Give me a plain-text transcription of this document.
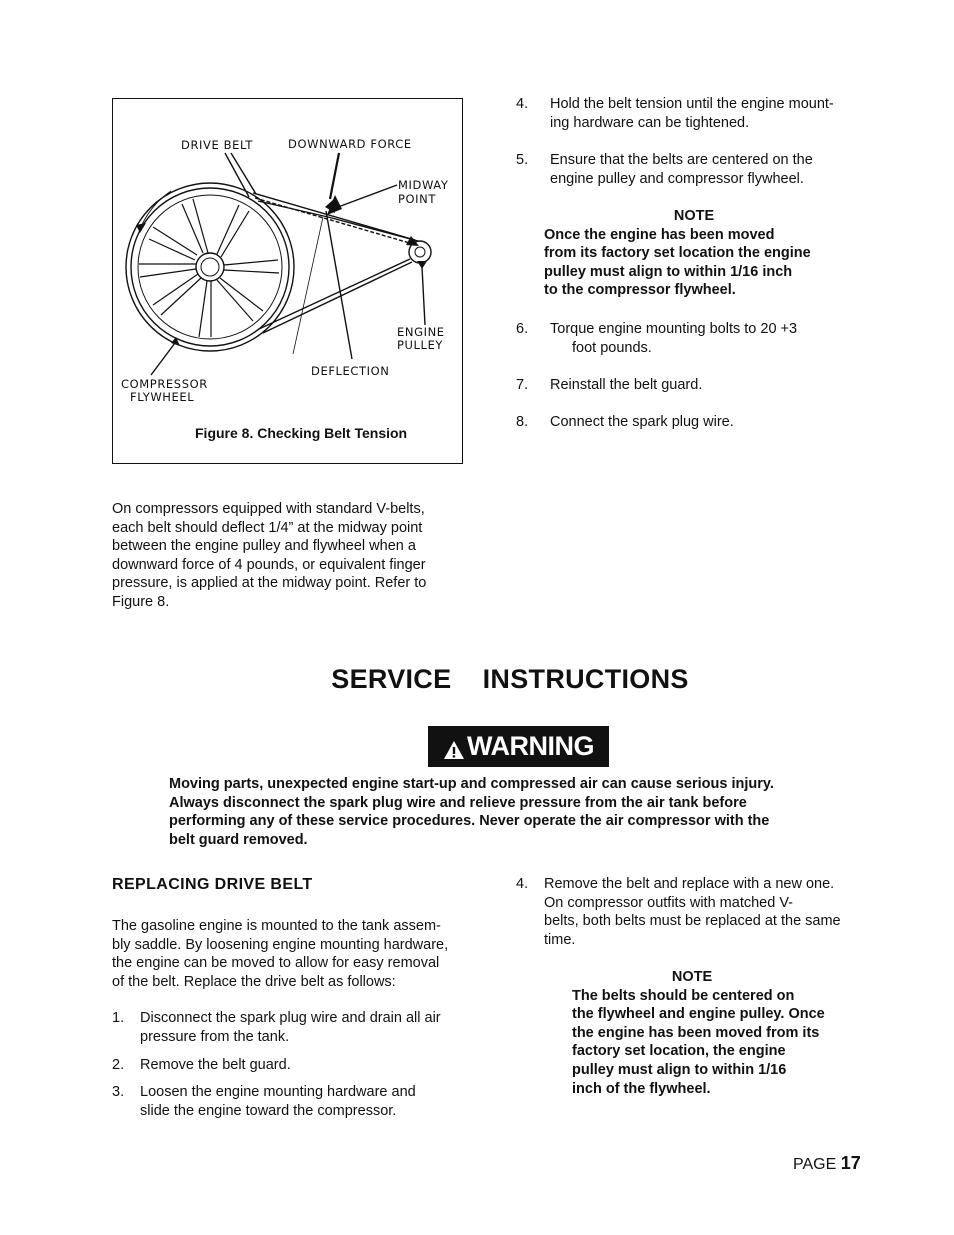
DRIVE BELT	DOWNWARD FORCE
MIDWAY
POINT
ENGINE
PULLEY
COMPRESSOR
FLYWHEEL
DEFLECTION
Figure 8. Checking Belt Tension
On compressors equipped with standard V-belts,
each belt should deflect 1/4” at the midway point
between the engine pulley and flywheel when a
downward force of 4 pounds, or equivalent finger
pressure, is applied at the midway point. Refer to
Figure 8.
4. Hold the belt tension until the engine mount-
ing hardware can be tightened.
5. Ensure that the belts are centered on the
engine pulley and compressor flywheel.
NOTE
Once the engine has been moved
from its factory set location the engine
pulley must align to within 1/16 inch
to the compressor flywheel.
6. Torque engine mounting bolts to 20 +3
foot pounds.
7. Reinstall the belt guard.
8. Connect the spark plug wire.
SERVICE    INSTRUCTIONS
WARNING
Moving parts, unexpected engine start-up and compressed air can cause serious injury.
Always disconnect the spark plug wire and relieve pressure from the air tank before
performing any of these service procedures. Never operate the air compressor with the
belt guard removed.
REPLACING DRIVE BELT
The gasoline engine is mounted to the tank assem-
bly saddle. By loosening engine mounting hardware,
the engine can be moved to allow for easy removal
of the belt. Replace the drive belt as follows:
1. Disconnect the spark plug wire and drain all air
pressure from the tank.
2. Remove the belt guard.
3. Loosen the engine mounting hardware and
slide the engine toward the compressor.
4. Remove the belt and replace with a new one.
On compressor outfits with matched V-
belts, both belts must be replaced at the same
time.
NOTE
The belts should be centered on
the flywheel and engine pulley. Once
the engine has been moved from its
factory set location, the engine
pulley must align to within 1/16
inch of the flywheel.
PAGE 17
